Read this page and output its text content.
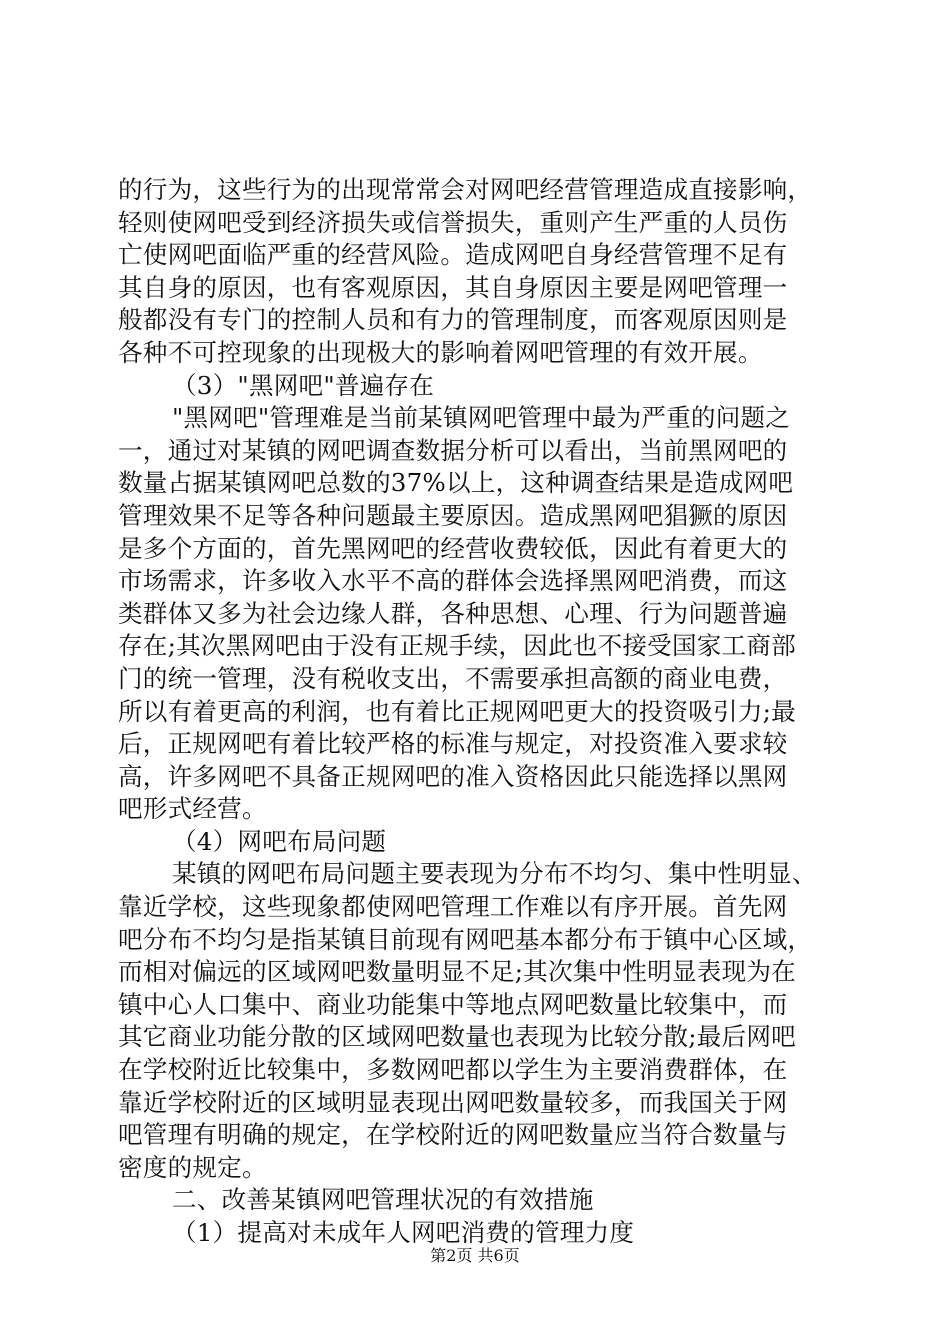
的行为，这些行为的出现常常会对网吧经营管理造成直接影响，
轻则使网吧受到经济损失或信誉损失，重则产生严重的人员伤
亡使网吧面临严重的经营风险。造成网吧自身经营管理不足有
其自身的原因，也有客观原因，其自身原因主要是网吧管理一
般都没有专门的控制人员和有力的管理制度，而客观原因则是
各种不可控现象的出现极大的影响着网吧管理的有效开展。
（3）"黑网吧"普遍存在
"黑网吧"管理难是当前某镇网吧管理中最为严重的问题之
一，通过对某镇的网吧调查数据分析可以看出，当前黑网吧的
数量占据某镇网吧总数的37%以上，这种调查结果是造成网吧
管理效果不足等各种问题最主要原因。造成黑网吧猖獗的原因
是多个方面的，首先黑网吧的经营收费较低，因此有着更大的
市场需求，许多收入水平不高的群体会选择黑网吧消费，而这
类群体又多为社会边缘人群，各种思想、心理、行为问题普遍
存在;其次黑网吧由于没有正规手续，因此也不接受国家工商部
门的统一管理，没有税收支出，不需要承担高额的商业电费，
所以有着更高的利润，也有着比正规网吧更大的投资吸引力;最
后，正规网吧有着比较严格的标准与规定，对投资准入要求较
高，许多网吧不具备正规网吧的准入资格因此只能选择以黑网
吧形式经营。
（4）网吧布局问题
某镇的网吧布局问题主要表现为分布不均匀、集中性明显、
靠近学校，这些现象都使网吧管理工作难以有序开展。首先网
吧分布不均匀是指某镇目前现有网吧基本都分布于镇中心区域，
而相对偏远的区域网吧数量明显不足;其次集中性明显表现为在
镇中心人口集中、商业功能集中等地点网吧数量比较集中，而
其它商业功能分散的区域网吧数量也表现为比较分散;最后网吧
在学校附近比较集中，多数网吧都以学生为主要消费群体，在
靠近学校附近的区域明显表现出网吧数量较多，而我国关于网
吧管理有明确的规定，在学校附近的网吧数量应当符合数量与
密度的规定。
二、改善某镇网吧管理状况的有效措施
（1）提高对未成年人网吧消费的管理力度
第2页 共6页
